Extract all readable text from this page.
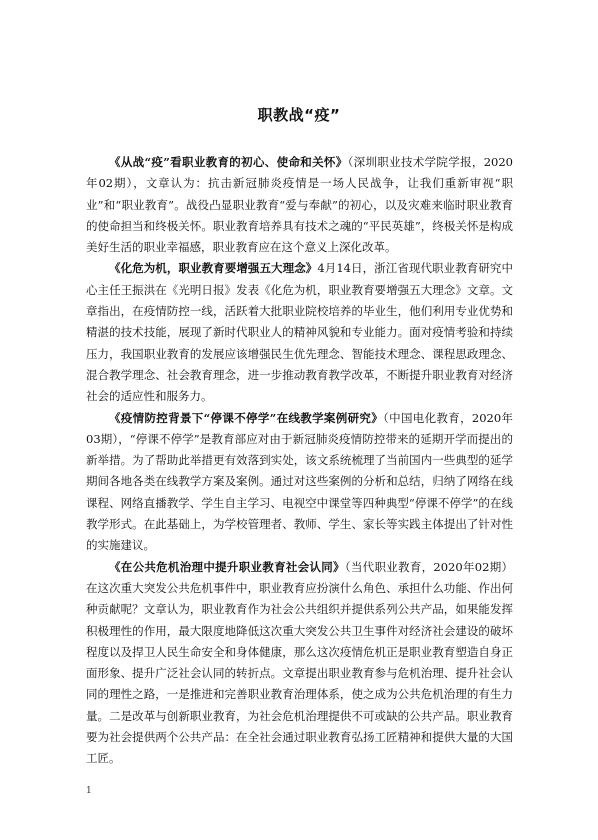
职教战“疫”

《从战“疫”看职业教育的初心、使命和关怀》（深圳职业技术学院学报，2020年02期），文章认为：抗击新冠肺炎疫情是一场人民战争，让我们重新审视“职业”和“职业教育”。战役凸显职业教育“爱与奉献”的初心，以及灾难来临时职业教育的使命担当和终极关怀。职业教育培养具有技术之魂的“平民英雄”，终极关怀是构成美好生活的职业幸福感，职业教育应在这个意义上深化改革。

《化危为机，职业教育要增强五大理念》4月14日，浙江省现代职业教育研究中心主任王振洪在《光明日报》发表《化危为机，职业教育要增强五大理念》文章。文章指出，在疫情防控一线，活跃着大批职业院校培养的毕业生，他们利用专业优势和精湛的技术技能，展现了新时代职业人的精神风貌和专业能力。面对疫情考验和持续压力，我国职业教育的发展应该增强民生优先理念、智能技术理念、课程思政理念、混合教学理念、社会教育理念，进一步推动教育教学改革，不断提升职业教育对经济社会的适应性和服务力。

《疫情防控背景下“停课不停学”在线教学案例研究》（中国电化教育，2020年03期），“停课不停学”是教育部应对由于新冠肺炎疫情防控带来的延期开学而提出的新举措。为了帮助此举措更有效落到实处，该文系统梳理了当前国内一些典型的延学期间各地各类在线教学方案及案例。通过对这些案例的分析和总结，归纳了网络在线课程、网络直播教学、学生自主学习、电视空中课堂等四种典型“停课不停学”的在线教学形式。在此基础上，为学校管理者、教师、学生、家长等实践主体提出了针对性的实施建议。

《在公共危机治理中提升职业教育社会认同》（当代职业教育，2020年02期）在这次重大突发公共危机事件中，职业教育应扮演什么角色、承担什么功能、作出何种贡献呢？文章认为，职业教育作为社会公共组织并提供系列公共产品，如果能发挥积极理性的作用，最大限度地降低这次重大突发公共卫生事件对经济社会建设的破坏程度以及捍卫人民生命安全和身体健康，那么这次疫情危机正是职业教育塑造自身正面形象、提升广泛社会认同的转折点。文章提出职业教育参与危机治理、提升社会认同的理性之路，一是推进和完善职业教育治理体系，使之成为公共危机治理的有生力量。二是改革与创新职业教育，为社会危机治理提供不可或缺的公共产品。职业教育要为社会提供两个公共产品：在全社会通过职业教育弘扬工匠精神和提供大量的大国工匠。

1
